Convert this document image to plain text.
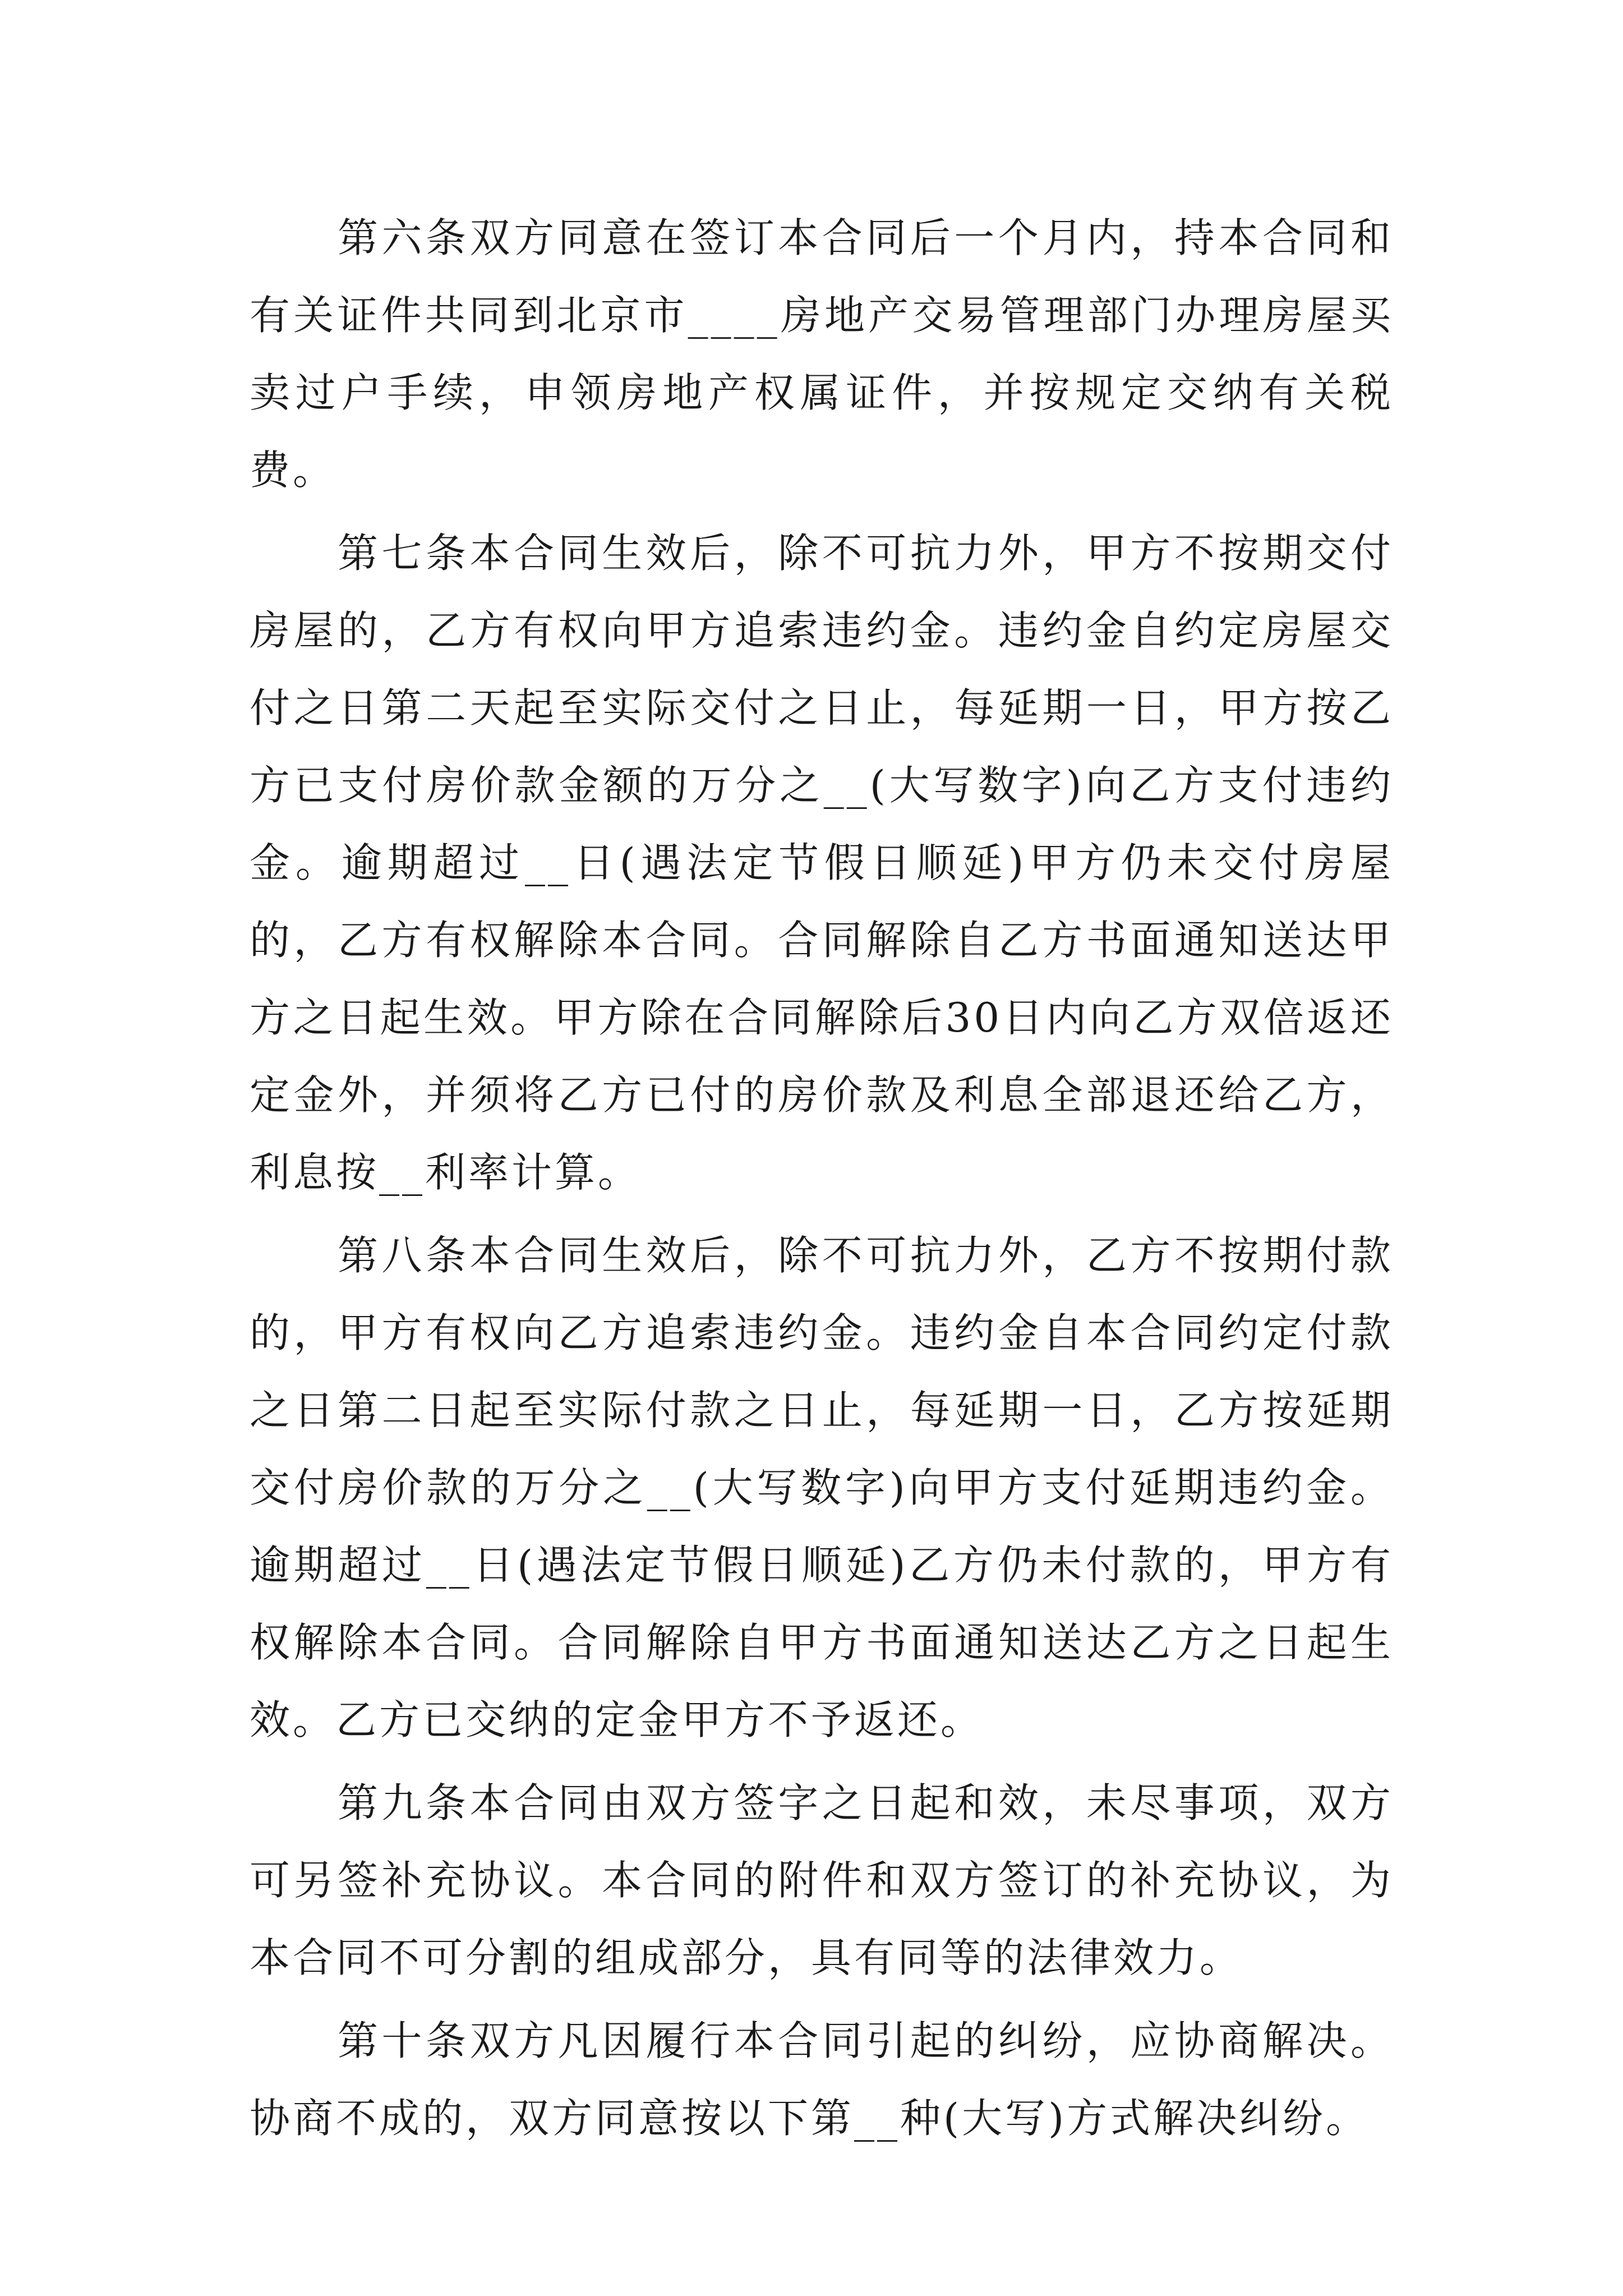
第六条双方同意在签订本合同后一个月内，持本合同和有关证件共同到北京市____房地产交易管理部门办理房屋买卖过户手续，申领房地产权属证件，并按规定交纳有关税费。

第七条本合同生效后，除不可抗力外，甲方不按期交付房屋的，乙方有权向甲方追索违约金。违约金自约定房屋交付之日第二天起至实际交付之日止，每延期一日，甲方按乙方已支付房价款金额的万分之__(大写数字)向乙方支付违约金。逾期超过__日(遇法定节假日顺延)甲方仍未交付房屋的，乙方有权解除本合同。合同解除自乙方书面通知送达甲方之日起生效。甲方除在合同解除后30日内向乙方双倍返还定金外，并须将乙方已付的房价款及利息全部退还给乙方，利息按__利率计算。

第八条本合同生效后，除不可抗力外，乙方不按期付款的，甲方有权向乙方追索违约金。违约金自本合同约定付款之日第二日起至实际付款之日止，每延期一日，乙方按延期交付房价款的万分之__(大写数字)向甲方支付延期违约金。逾期超过__日(遇法定节假日顺延)乙方仍未付款的，甲方有权解除本合同。合同解除自甲方书面通知送达乙方之日起生效。乙方已交纳的定金甲方不予返还。

第九条本合同由双方签字之日起和效，未尽事项，双方可另签补充协议。本合同的附件和双方签订的补充协议，为本合同不可分割的组成部分，具有同等的法律效力。

第十条双方凡因履行本合同引起的纠纷，应协商解决。协商不成的，双方同意按以下第__种(大写)方式解决纠纷。
